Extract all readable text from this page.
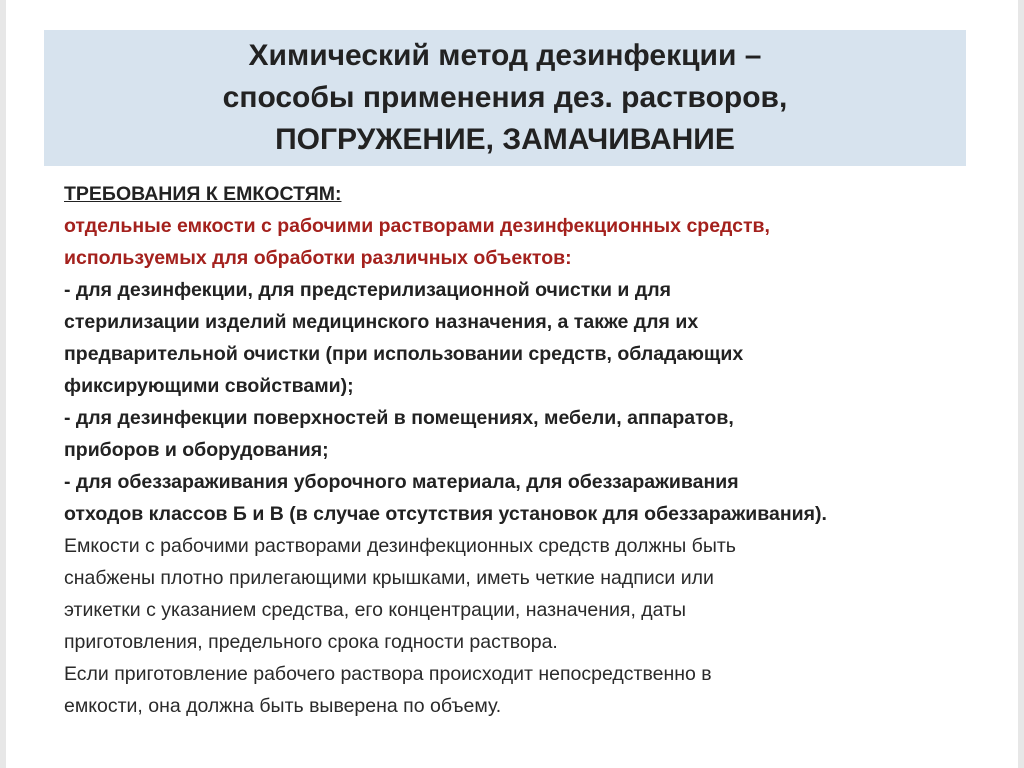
Химический метод дезинфекции –
способы применения дез. растворов,
ПОГРУЖЕНИЕ, ЗАМАЧИВАНИЕ
ТРЕБОВАНИЯ К ЕМКОСТЯМ:
отдельные емкости с рабочими растворами дезинфекционных средств,
используемых для обработки различных объектов:
- для дезинфекции, для предстерилизационной очистки и для
стерилизации изделий медицинского назначения, а также для их
предварительной очистки (при использовании средств, обладающих
фиксирующими свойствами);
- для дезинфекции поверхностей в помещениях, мебели, аппаратов,
приборов и оборудования;
- для обеззараживания уборочного материала, для обеззараживания
отходов классов Б и В (в случае отсутствия установок для обеззараживания).
Емкости с рабочими растворами дезинфекционных средств должны быть
снабжены плотно прилегающими крышками, иметь четкие надписи или
этикетки с указанием средства, его концентрации, назначения, даты
приготовления, предельного срока годности раствора.
Если приготовление рабочего раствора происходит непосредственно в
емкости, она должна быть выверена по объему.
